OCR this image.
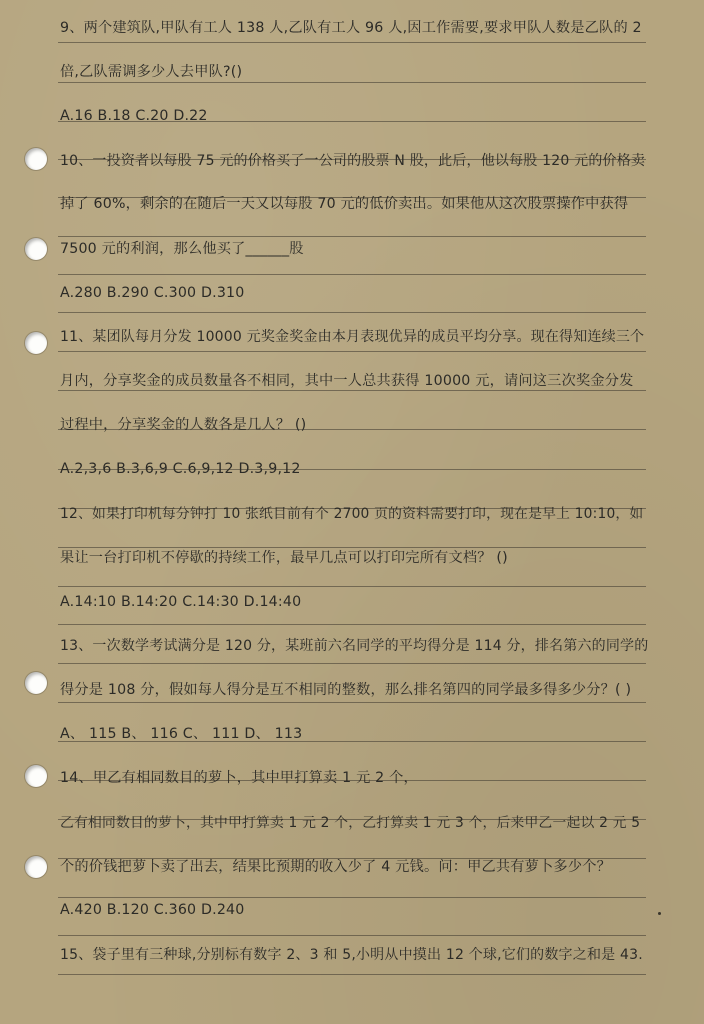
9、两个建筑队,甲队有工人 138 人,乙队有工人 96 人,因工作需要,要求甲队人数是乙队的 2
倍,乙队需调多少人去甲队?()
A.16 B.18 C.20 D.22
10、一投资者以每股 75 元的价格买了一公司的股票 N 股，此后，他以每股 120 元的价格卖
掉了 60%，剩余的在随后一天又以每股 70 元的低价卖出。如果他从这次股票操作中获得
7500 元的利润，那么他买了______股
A.280 B.290 C.300 D.310
11、某团队每月分发 10000 元奖金奖金由本月表现优异的成员平均分享。现在得知连续三个
月内，分享奖金的成员数量各不相同，其中一人总共获得 10000 元，请问这三次奖金分发
过程中，分享奖金的人数各是几人？ ()
A.2,3,6 B.3,6,9 C.6,9,12 D.3,9,12
12、如果打印机每分钟打 10 张纸目前有个 2700 页的资料需要打印，现在是早上 10:10，如
果让一台打印机不停歇的持续工作，最早几点可以打印完所有文档？ ()
A.14:10 B.14:20 C.14:30 D.14:40
13、一次数学考试满分是 120 分，某班前六名同学的平均得分是 114 分，排名第六的同学的
得分是 108 分，假如每人得分是互不相同的整数，那么排名第四的同学最多得多少分？( )
A、 115 B、 116 C、 111 D、 113
14、甲乙有相同数目的萝卜，其中甲打算卖 1 元 2 个，
乙有相同数目的萝卜，其中甲打算卖 1 元 2 个，乙打算卖 1 元 3 个，后来甲乙一起以 2 元 5
个的价钱把萝卜卖了出去，结果比预期的收入少了 4 元钱。问：甲乙共有萝卜多少个？
A.420 B.120 C.360 D.240
15、袋子里有三种球,分别标有数字 2、3 和 5,小明从中摸出 12 个球,它们的数字之和是 43.
